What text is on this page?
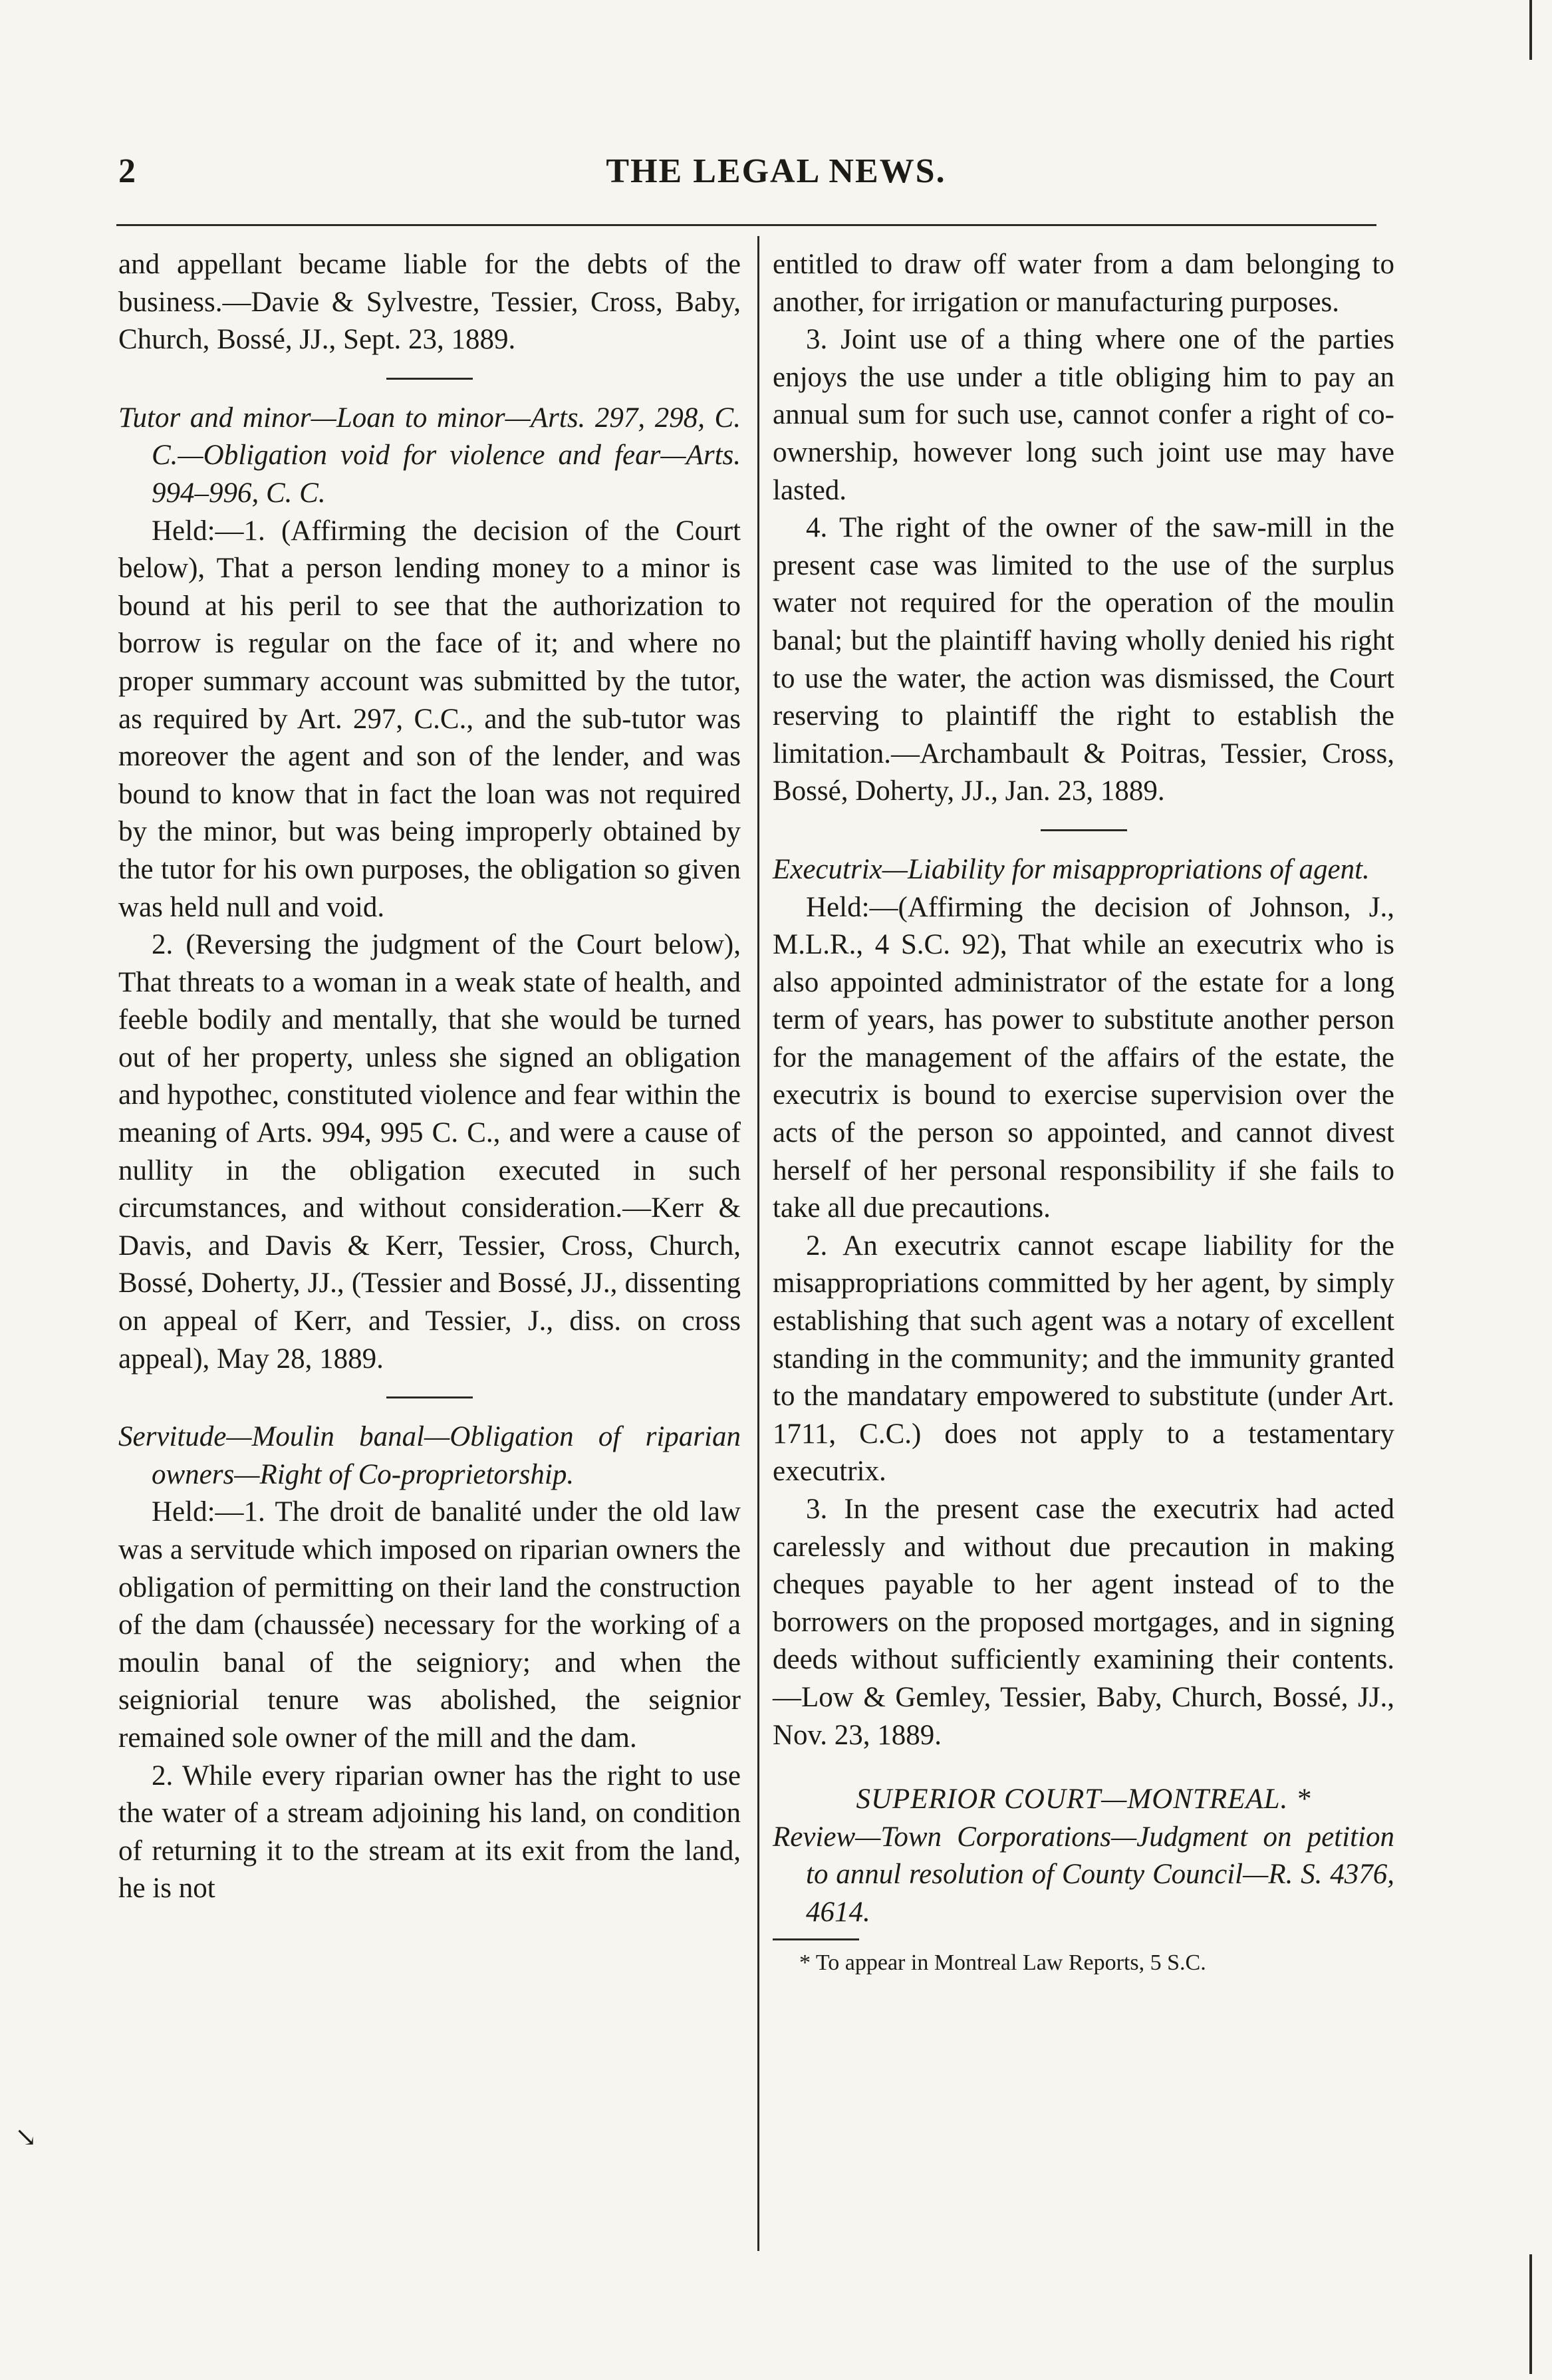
2	THE LEGAL NEWS.

and appellant became liable for the debts of the business.—Davie & Sylvestre, Tessier, Cross, Baby, Church, Bossé, JJ., Sept. 23, 1889.

Tutor and minor—Loan to minor—Arts. 297, 298, C. C.—Obligation void for violence and fear—Arts. 994–996, C. C.

Held:—1. (Affirming the decision of the Court below), That a person lending money to a minor is bound at his peril to see that the authorization to borrow is regular on the face of it; and where no proper summary account was submitted by the tutor, as required by Art. 297, C.C., and the sub-tutor was moreover the agent and son of the lender, and was bound to know that in fact the loan was not required by the minor, but was being improperly obtained by the tutor for his own purposes, the obligation so given was held null and void.

2. (Reversing the judgment of the Court below), That threats to a woman in a weak state of health, and feeble bodily and mentally, that she would be turned out of her property, unless she signed an obligation and hypothec, constituted violence and fear within the meaning of Arts. 994, 995 C. C., and were a cause of nullity in the obligation executed in such circumstances, and without consideration.—Kerr & Davis, and Davis & Kerr, Tessier, Cross, Church, Bossé, Doherty, JJ., (Tessier and Bossé, JJ., dissenting on appeal of Kerr, and Tessier, J., diss. on cross appeal), May 28, 1889.

Servitude—Moulin banal—Obligation of riparian owners—Right of Co-proprietorship.

Held:—1. The droit de banalité under the old law was a servitude which imposed on riparian owners the obligation of permitting on their land the construction of the dam (chaussée) necessary for the working of a moulin banal of the seigniory; and when the seigniorial tenure was abolished, the seignior remained sole owner of the mill and the dam.

2. While every riparian owner has the right to use the water of a stream adjoining his land, on condition of returning it to the stream at its exit from the land, he is not

entitled to draw off water from a dam belonging to another, for irrigation or manufacturing purposes.

3. Joint use of a thing where one of the parties enjoys the use under a title obliging him to pay an annual sum for such use, cannot confer a right of co-ownership, however long such joint use may have lasted.

4. The right of the owner of the saw-mill in the present case was limited to the use of the surplus water not required for the operation of the moulin banal; but the plaintiff having wholly denied his right to use the water, the action was dismissed, the Court reserving to plaintiff the right to establish the limitation.—Archambault & Poitras, Tessier, Cross, Bossé, Doherty, JJ., Jan. 23, 1889.

Executrix—Liability for misappropriations of agent.

Held:—(Affirming the decision of Johnson, J., M.L.R., 4 S.C. 92), That while an executrix who is also appointed administrator of the estate for a long term of years, has power to substitute another person for the management of the affairs of the estate, the executrix is bound to exercise supervision over the acts of the person so appointed, and cannot divest herself of her personal responsibility if she fails to take all due precautions.

2. An executrix cannot escape liability for the misappropriations committed by her agent, by simply establishing that such agent was a notary of excellent standing in the community; and the immunity granted to the mandatary empowered to substitute (under Art. 1711, C.C.) does not apply to a testamentary executrix.

3. In the present case the executrix had acted carelessly and without due precaution in making cheques payable to her agent instead of to the borrowers on the proposed mortgages, and in signing deeds without sufficiently examining their contents.—Low & Gemley, Tessier, Baby, Church, Bossé, JJ., Nov. 23, 1889.

SUPERIOR COURT—MONTREAL. *

Review—Town Corporations—Judgment on petition to annul resolution of County Council—R. S. 4376, 4614.

* To appear in Montreal Law Reports, 5 S.C.

↘
